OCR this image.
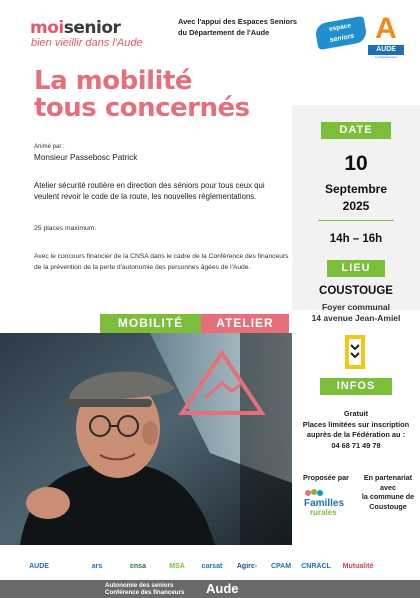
moisenior
bien vieillir dans l'Aude
Avec l'appui des Espaces Seniors
du Département de l'Aude	espace
seniors A
AUDE
Le Département
La mobilité
tous concernés
DATE
10
Septembre
2025
14h – 16h
LIEU
COUSTOUGE
Foyer communal
14 avenue Jean-Amiel
Animé par :
Monsieur Passebosc Patrick
Atelier sécurité routière en direction des séniors pour tous ceux qui veulent revoir le code de la route, les nouvelles réglementations.
25 places maximum.
Avec le concours financier de la CNSA dans le cadre de la Conférence des financeurs de la prévention de la perte d'autonomie des personnes âgées de l'Aude.
MOBILITÉ	ATELIER
INFOS
Gratuit
Places limitées sur inscription
auprès de la Fédération au :
04 68 71 49 78
Proposée par
Familles
rurales
En partenariat
avec
la commune de
Coustouge
AUDE	ars	cnsa	MSA	carsat	Agirc-	CPAM	CNRACL	Mutualité
Autonomie des seniors
Conférence des financeurs Aude
